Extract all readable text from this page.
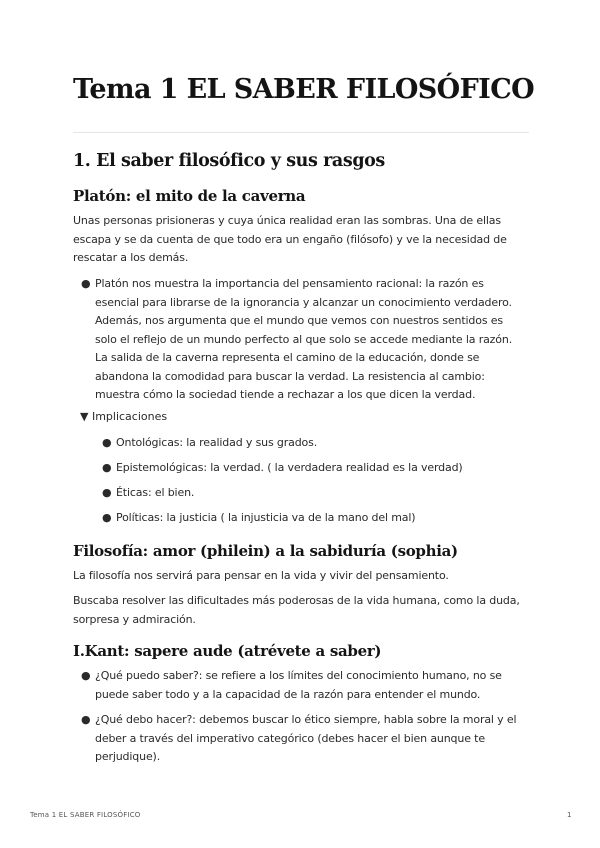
Tema 1 EL SABER FILOSÓFICO
1. El saber filosófico y sus rasgos
Platón: el mito de la caverna
Unas personas prisioneras y cuya única realidad eran las sombras. Una de ellas escapa y se da cuenta de que todo era un engaño (filósofo) y ve la necesidad de rescatar a los demás.
● Platón nos muestra la importancia del pensamiento racional: la razón es esencial para librarse de la ignorancia y alcanzar un conocimiento verdadero. Además, nos argumenta que el mundo que vemos con nuestros sentidos es solo el reflejo de un mundo perfecto al que solo se accede mediante la razón. La salida de la caverna representa el camino de la educación, donde se abandona la comodidad para buscar la verdad. La resistencia al cambio: muestra cómo la sociedad tiende a rechazar a los que dicen la verdad.
▼ Implicaciones
● Ontológicas: la realidad y sus grados.
● Epistemológicas: la verdad. ( la verdadera realidad es la verdad)
● Éticas: el bien.
● Políticas: la justicia ( la injusticia va de la mano del mal)
Filosofía: amor (philein) a la sabiduría (sophia)
La filosofía nos servirá para pensar en la vida y vivir del pensamiento.
Buscaba resolver las dificultades más poderosas de la vida humana, como la duda, sorpresa y admiración.
I.Kant: sapere aude (atrévete a saber)
● ¿Qué puedo saber?: se refiere a los límites del conocimiento humano, no se puede saber todo y a la capacidad de la razón para entender el mundo.
● ¿Qué debo hacer?: debemos buscar lo ético siempre, habla sobre la moral y el deber a través del imperativo categórico (debes hacer el bien aunque te perjudique).
Tema 1 EL SABER FILOSÓFICO	1
